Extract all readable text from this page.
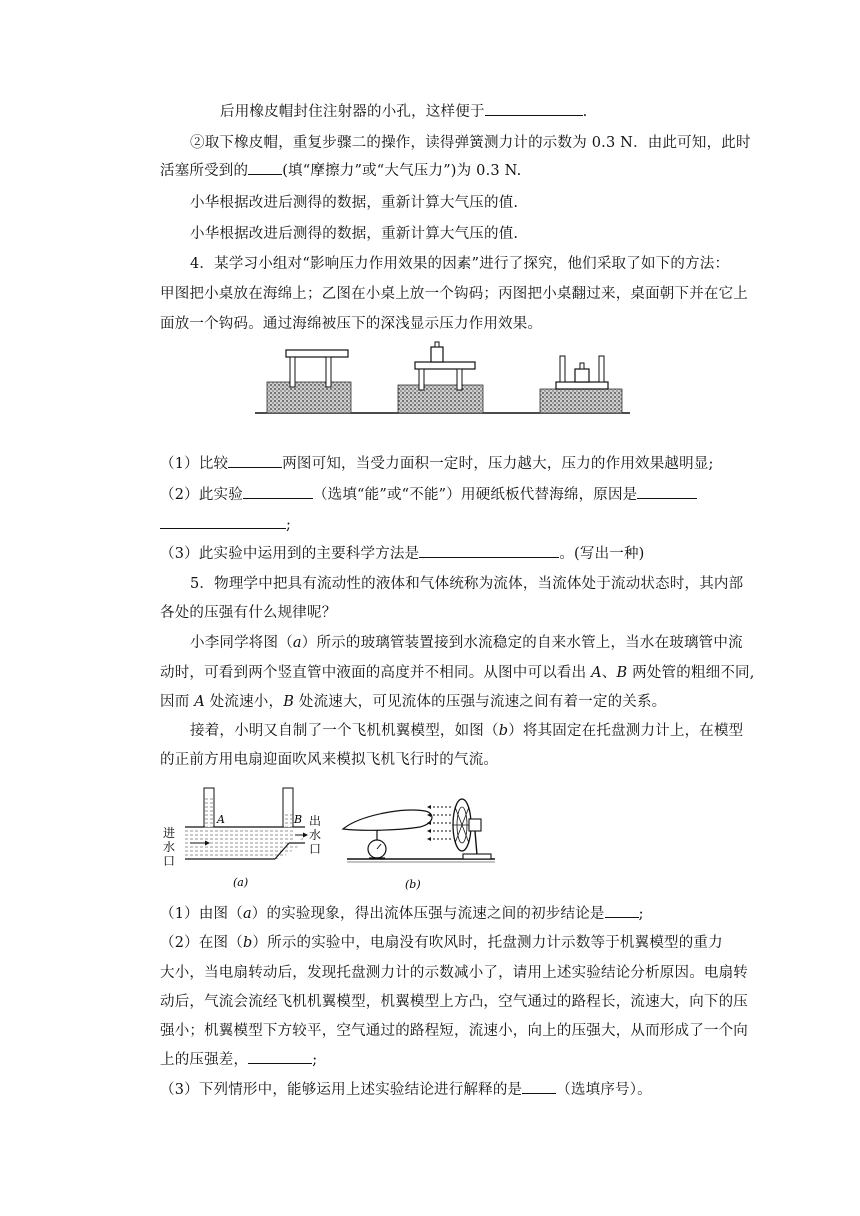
后用橡皮帽封住注射器的小孔，这样便于	.
②取下橡皮帽，重复步骤二的操作，读得弹簧测力计的示数为 0.3 N．由此可知，此时
活塞所受到的 (填“摩擦力”或“大气压力”)为 0.3 N.
小华根据改进后测得的数据，重新计算大气压的值.
小华根据改进后测得的数据，重新计算大气压的值.
4．某学习小组对“影响压力作用效果的因素”进行了探究，他们采取了如下的方法：
甲图把小桌放在海绵上；乙图在小桌上放一个钩码；丙图把小桌翻过来，桌面朝下并在它上
面放一个钩码。通过海绵被压下的深浅显示压力作用效果。
（1）比较	两图可知，当受力面积一定时，压力越大，压力的作用效果越明显;
（2）此实验	（选填“能”或“不能”）用硬纸板代替海绵，原因是
;
（3）此实验中运用到的主要科学方法是	。(写出一种)
5．物理学中把具有流动性的液体和气体统称为流体，当流体处于流动状态时，其内部
各处的压强有什么规律呢？
小李同学将图（a）所示的玻璃管装置接到水流稳定的自来水管上，当水在玻璃管中流
动时，可看到两个竖直管中液面的高度并不相同。从图中可以看出 A、B 两处管的粗细不同,
因而 A 处流速小，B 处流速大，可见流体的压强与流速之间有着一定的关系。
接着，小明又自制了一个飞机机翼模型，如图（b）将其固定在托盘测力计上，在模型
的正前方用电扇迎面吹风来模拟飞机飞行时的气流。
A	B
进
水
口
出
水
口
(a)	(b)
（1）由图（a）的实验现象，得出流体压强与流速之间的初步结论是 ;
（2）在图（b）所示的实验中，电扇没有吹风时，托盘测力计示数等于机翼模型的重力
大小，当电扇转动后，发现托盘测力计的示数减小了，请用上述实验结论分析原因。电扇转
动后，气流会流经飞机机翼模型，机翼模型上方凸，空气通过的路程长，流速大，向下的压
强小；机翼模型下方较平，空气通过的路程短，流速小，向上的压强大，从而形成了一个向
上的压强差，	;
（3）下列情形中，能够运用上述实验结论进行解释的是 （选填序号）。
